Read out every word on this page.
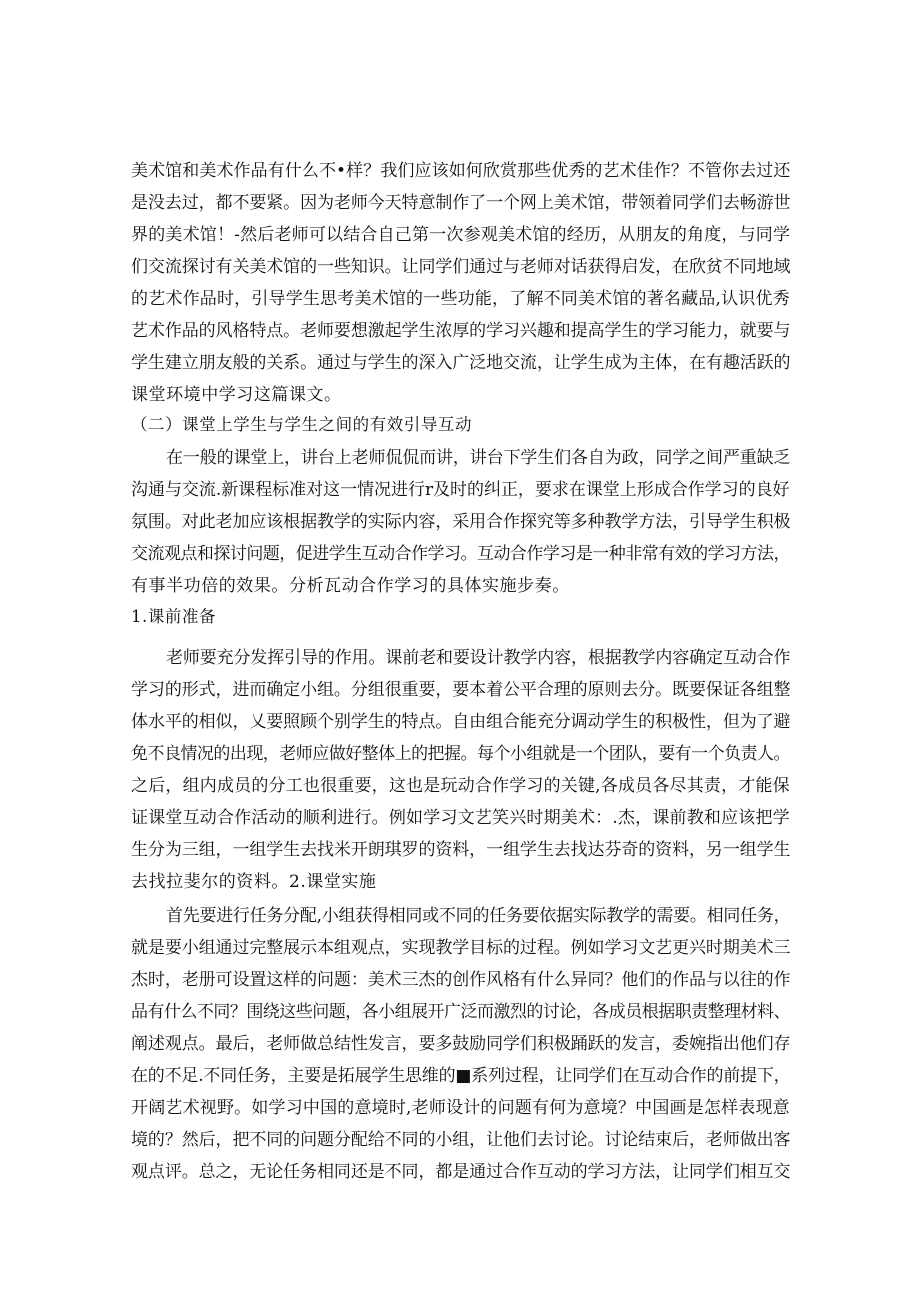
美术馆和美术作品有什么不•样？我们应该如何欣赏那些优秀的艺术佳作？不管你去过还
是没去过，都不要紧。因为老师今天特意制作了一个网上美术馆，带领着同学们去畅游世
界的美术馆！-然后老师可以结合自己第一次参观美术馆的经历，从朋友的角度，与同学
们交流探讨有关美术馆的一些知识。让同学们通过与老师对话获得启发，在欣贫不同地域
的艺术作品时，引导学生思考美术馆的一些功能，了解不同美术馆的著名藏品,认识优秀
艺术作品的风格特点。老师要想激起学生浓厚的学习兴趣和提高学生的学习能力，就要与
学生建立朋友般的关系。通过与学生的深入广泛地交流，让学生成为主体，在有趣活跃的
课堂环境中学习这篇课文。
（二）课堂上学生与学生之间的有效引导互动
在一般的课堂上，讲台上老师侃侃而讲，讲台下学生们各自为政，同学之间严重缺乏
沟通与交流.新课程标准对这一情况进行r及时的纠正，要求在课堂上形成合作学习的良好
氛围。对此老加应该根据教学的实际内容，采用合作探究等多种教学方法，引导学生积极
交流观点和探讨问题，促进学生互动合作学习。互动合作学习是一种非常有效的学习方法，
有事半功倍的效果。分析瓦动合作学习的具体实施步奏。
1.课前准备
老师要充分发挥引导的作用。课前老和要设计教学内容，根据教学内容确定互动合作
学习的形式，进而确定小组。分组很重要，要本着公平合理的原则去分。既要保证各组整
体水平的相似，乂要照顾个别学生的特点。自由组合能充分调动学生的积极性，但为了避
免不良情况的出现，老师应做好整体上的把握。每个小组就是一个团队，要有一个负责人。
之后，组内成员的分工也很重要，这也是玩动合作学习的关键,各成员各尽其责，才能保
证课堂互动合作活动的顺利进行。例如学习文艺笑兴时期美术：.杰，课前教和应该把学
生分为三组，一组学生去找米开朗琪罗的资料，一组学生去找达芬奇的资料，另一组学生
去找拉斐尔的资料。2.课堂实施
首先要进行任务分配,小组获得相同或不同的任务要依据实际教学的需要。相同任务，
就是要小组通过完整展示本组观点，实现教学目标的过程。例如学习文艺更兴时期美术三
杰时，老册可设置这样的问题：美术三杰的创作风格有什么异同？他们的作品与以往的作
品有什么不同？围绕这些问题，各小组展开广泛而激烈的讨论，各成员根据职责整理材料、
阐述观点。最后，老师做总结性发言，要多鼓励同学们积极踊跃的发言，委婉指出他们存
在的不足.不同任务，主要是拓展学生思维的■系列过程，让同学们在互动合作的前提下，
开阔艺术视野。如学习中国的意境时,老师设计的问题有何为意境？中国画是怎样表现意
境的？然后，把不同的问题分配给不同的小组，让他们去讨论。讨论结束后，老师做出客
观点评。总之，无论任务相同还是不同，都是通过合作互动的学习方法，让同学们相互交
